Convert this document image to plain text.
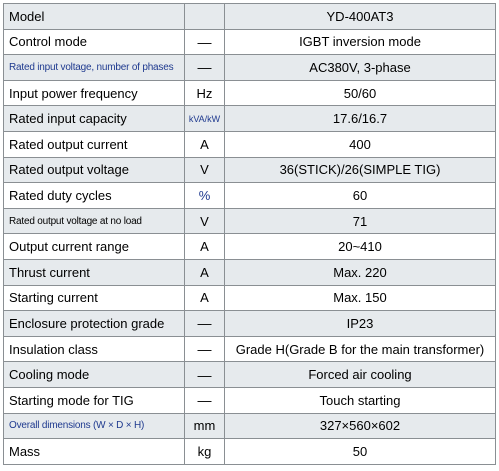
Model		YD-400AT3
Control mode	—	IGBT inversion mode
Rated input voltage, number of phases	—	AC380V, 3-phase
Input power frequency	Hz	50/60
Rated input capacity	kVA/kW	17.6/16.7
Rated output current	A	400
Rated output voltage	V	36(STICK)/26(SIMPLE TIG)
Rated duty cycles	%	60
Rated output voltage at no load	V	71
Output current range	A	20~410
Thrust current	A	Max. 220
Starting current	A	Max. 150
Enclosure protection grade	—	IP23
Insulation class	—	Grade H(Grade B for the main transformer)
Cooling mode	—	Forced air cooling
Starting mode for TIG	—	Touch starting
Overall dimensions (W × D × H)	mm	327×560×602
Mass	kg	50
